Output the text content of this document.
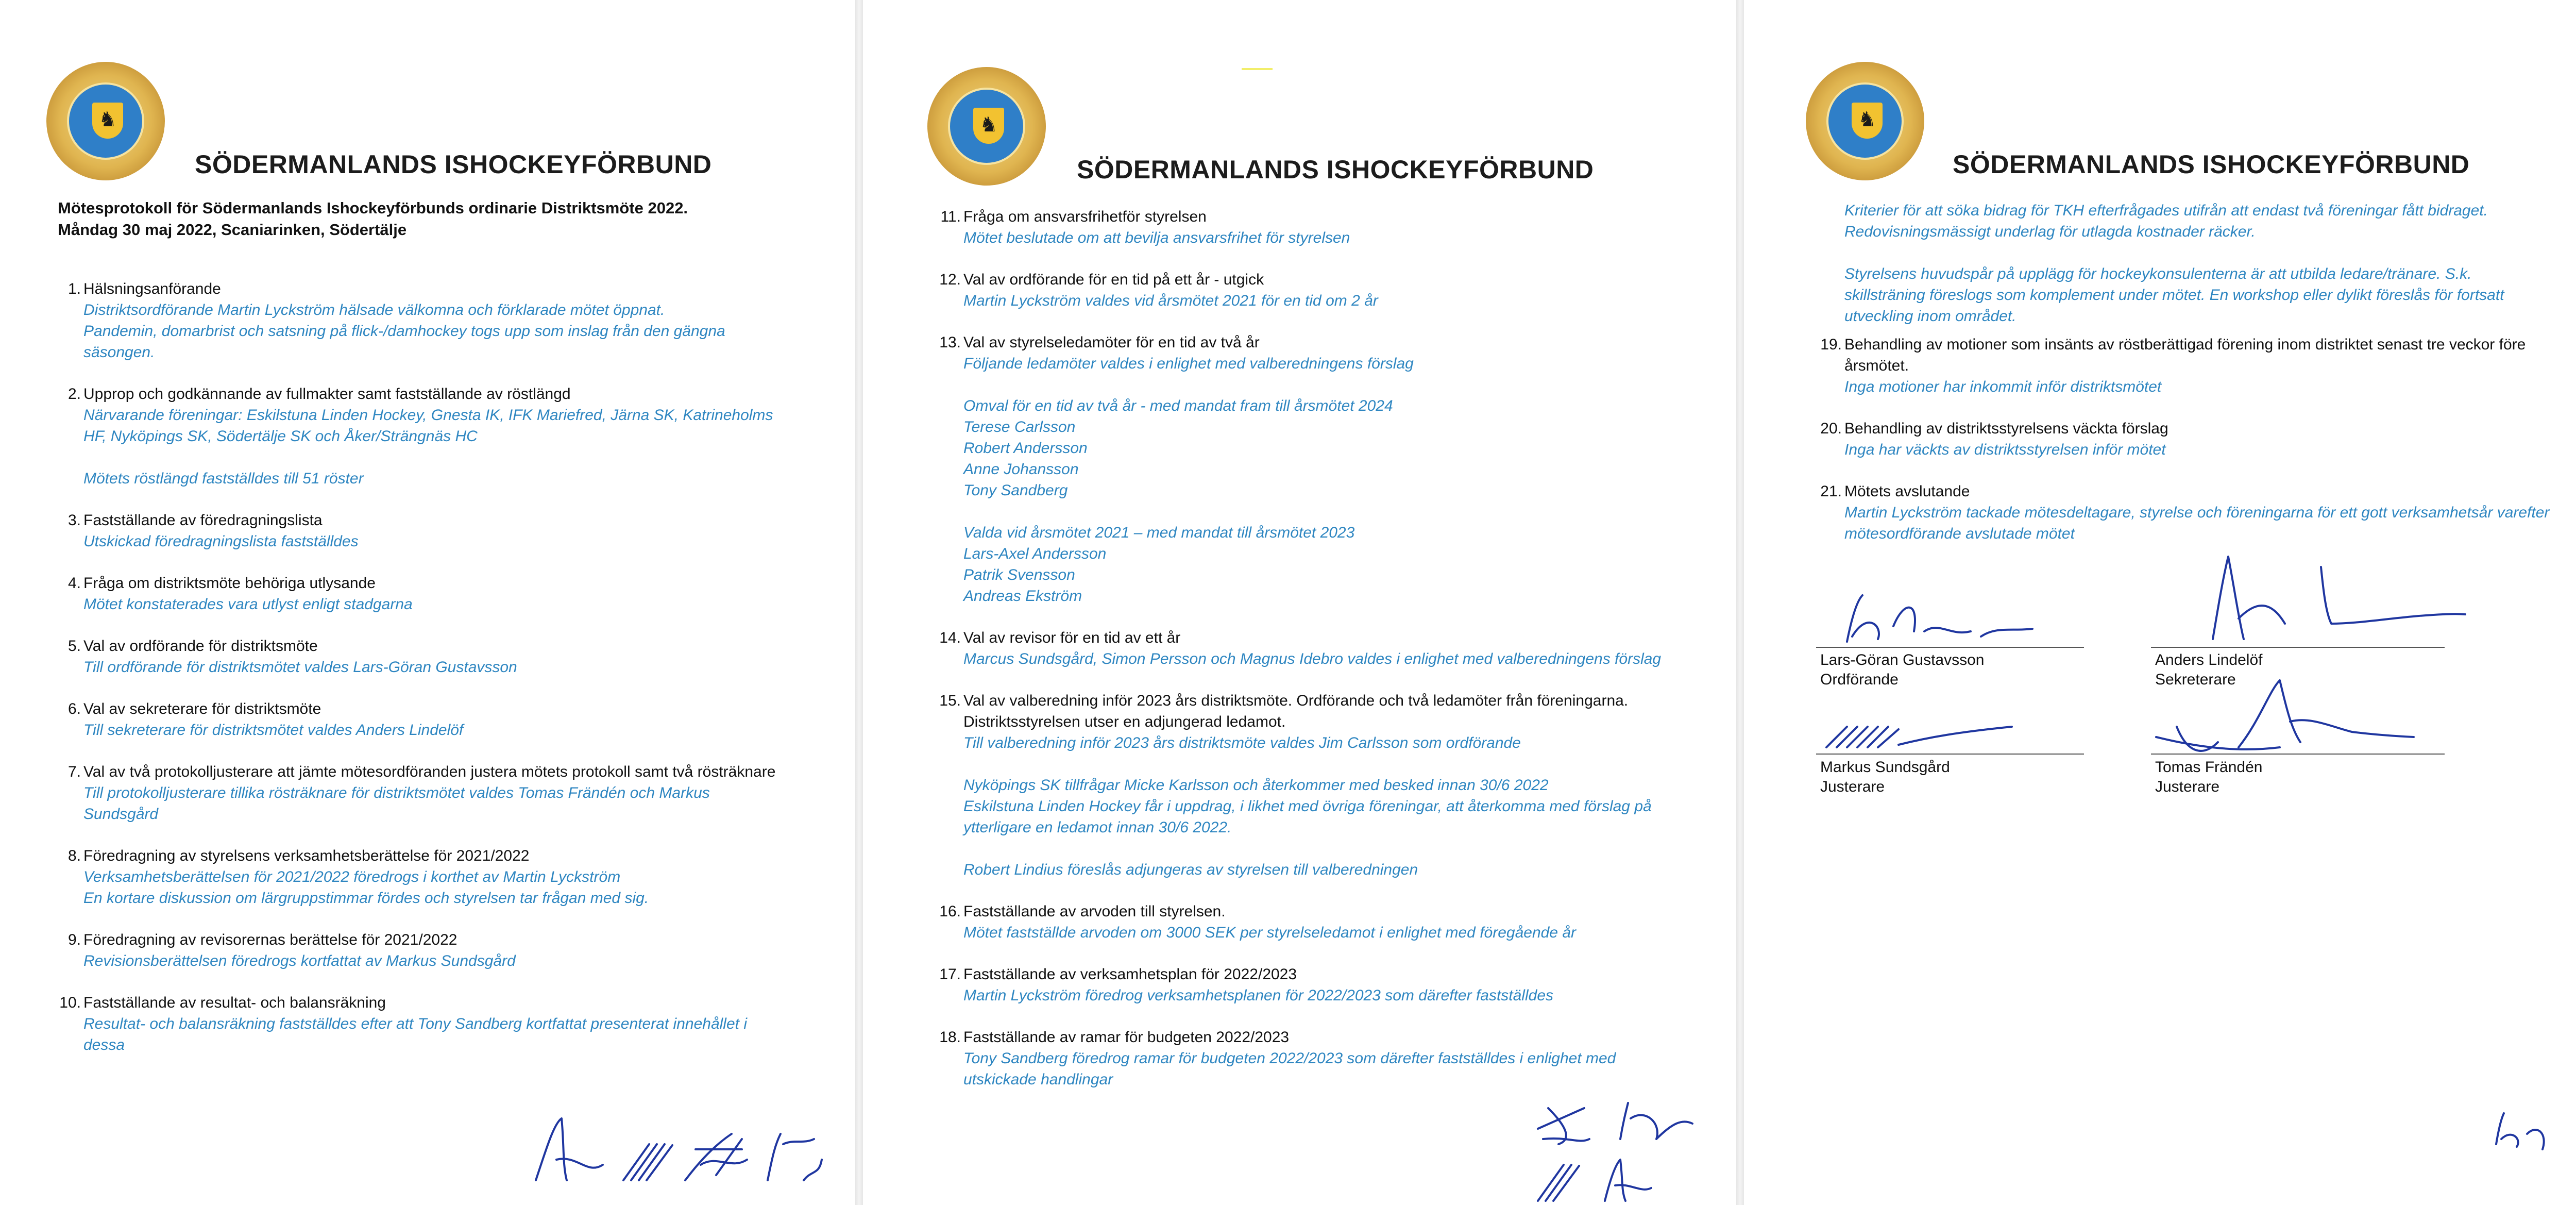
♞
SÖDERMANLANDS ISHOCKEYFÖRBUND
Mötesprotokoll för Södermanlands Ishockeyförbunds ordinarie Distriktsmöte 2022.
Måndag 30 maj 2022, Scaniarinken, Södertälje
1. Hälsningsanförande
Distriktsordförande Martin Lyckström hälsade välkomna och förklarade mötet öppnat.
Pandemin, domarbrist och satsning på flick-/damhockey togs upp som inslag från den gängna säsongen.
2. Upprop och godkännande av fullmakter samt fastställande av röstlängd
Närvarande föreningar: Eskilstuna Linden Hockey, Gnesta IK, IFK Mariefred, Järna SK, Katrineholms HF, Nyköpings SK, Södertälje SK och Åker/Strängnäs HC
Mötets röstlängd fastställdes till 51 röster
3. Fastställande av föredragningslista
Utskickad föredragningslista fastställdes
4. Fråga om distriktsmöte behöriga utlysande
Mötet konstaterades vara utlyst enligt stadgarna
5. Val av ordförande för distriktsmöte
Till ordförande för distriktsmötet valdes Lars-Göran Gustavsson
6. Val av sekreterare för distriktsmöte
Till sekreterare för distriktsmötet valdes Anders Lindelöf
7. Val av två protokolljusterare att jämte mötesordföranden justera mötets protokoll samt två rösträknare
Till protokolljusterare tillika rösträknare för distriktsmötet valdes Tomas Frändén och Markus Sundsgård
8. Föredragning av styrelsens verksamhetsberättelse för 2021/2022
Verksamhetsberättelsen för 2021/2022 föredrogs i korthet av Martin Lyckström
En kortare diskussion om lärgruppstimmar fördes och styrelsen tar frågan med sig.
9. Föredragning av revisorernas berättelse för 2021/2022
Revisionsberättelsen föredrogs kortfattat av Markus Sundsgård
10. Fastställande av resultat- och balansräkning
Resultat- och balansräkning fastställdes efter att Tony Sandberg kortfattat presenterat innehållet i dessa
♞
SÖDERMANLANDS ISHOCKEYFÖRBUND
11. Fråga om ansvarsfrihetför styrelsen
Mötet beslutade om att bevilja ansvarsfrihet för styrelsen
12. Val av ordförande för en tid på ett år - utgick
Martin Lyckström valdes vid årsmötet 2021 för en tid om 2 år
13. Val av styrelseledamöter för en tid av två år
Följande ledamöter valdes i enlighet med valberedningens förslag
Omval för en tid av två år - med mandat fram till årsmötet 2024
Terese Carlsson
Robert Andersson
Anne Johansson
Tony Sandberg
Valda vid årsmötet 2021 – med mandat till årsmötet 2023
Lars-Axel Andersson
Patrik Svensson
Andreas Ekström
14. Val av revisor för en tid av ett år
Marcus Sundsgård, Simon Persson och Magnus Idebro valdes i enlighet med valberedningens förslag
15. Val av valberedning inför 2023 års distriktsmöte. Ordförande och två ledamöter från föreningarna. Distriktsstyrelsen utser en adjungerad ledamot.
Till valberedning inför 2023 års distriktsmöte valdes Jim Carlsson som ordförande
Nyköpings SK tillfrågar Micke Karlsson och återkommer med besked innan 30/6 2022
Eskilstuna Linden Hockey får i uppdrag, i likhet med övriga föreningar, att återkomma med förslag på ytterligare en ledamot innan 30/6 2022.
Robert Lindius föreslås adjungeras av styrelsen till valberedningen
16. Fastställande av arvoden till styrelsen.
Mötet fastställde arvoden om 3000 SEK per styrelseledamot i enlighet med föregående år
17. Fastställande av verksamhetsplan för 2022/2023
Martin Lyckström föredrog verksamhetsplanen för 2022/2023 som därefter fastställdes
18. Fastställande av ramar för budgeten 2022/2023
Tony Sandberg föredrog ramar för budgeten 2022/2023 som därefter fastställdes i enlighet med utskickade handlingar
♞
SÖDERMANLANDS ISHOCKEYFÖRBUND
Kriterier för att söka bidrag för TKH efterfrågades utifrån att endast två föreningar fått bidraget. Redovisningsmässigt underlag för utlagda kostnader räcker.
Styrelsens huvudspår på upplägg för hockeykonsulenterna är att utbilda ledare/tränare. S.k. skillsträning föreslogs som komplement under mötet. En workshop eller dylikt föreslås för fortsatt utveckling inom området.
19. Behandling av motioner som insänts av röstberättigad förening inom distriktet senast tre veckor före årsmötet.
Inga motioner har inkommit inför distriktsmötet
20. Behandling av distriktsstyrelsens väckta förslag
Inga har väckts av distriktsstyrelsen inför mötet
21. Mötets avslutande
Martin Lyckström tackade mötesdeltagare, styrelse och föreningarna för ett gott verksamhetsår varefter mötesordförande avslutade mötet
Lars-Göran Gustavsson
Ordförande
Anders Lindelöf
Sekreterare
Markus Sundsgård
Justerare
Tomas Frändén
Justerare
